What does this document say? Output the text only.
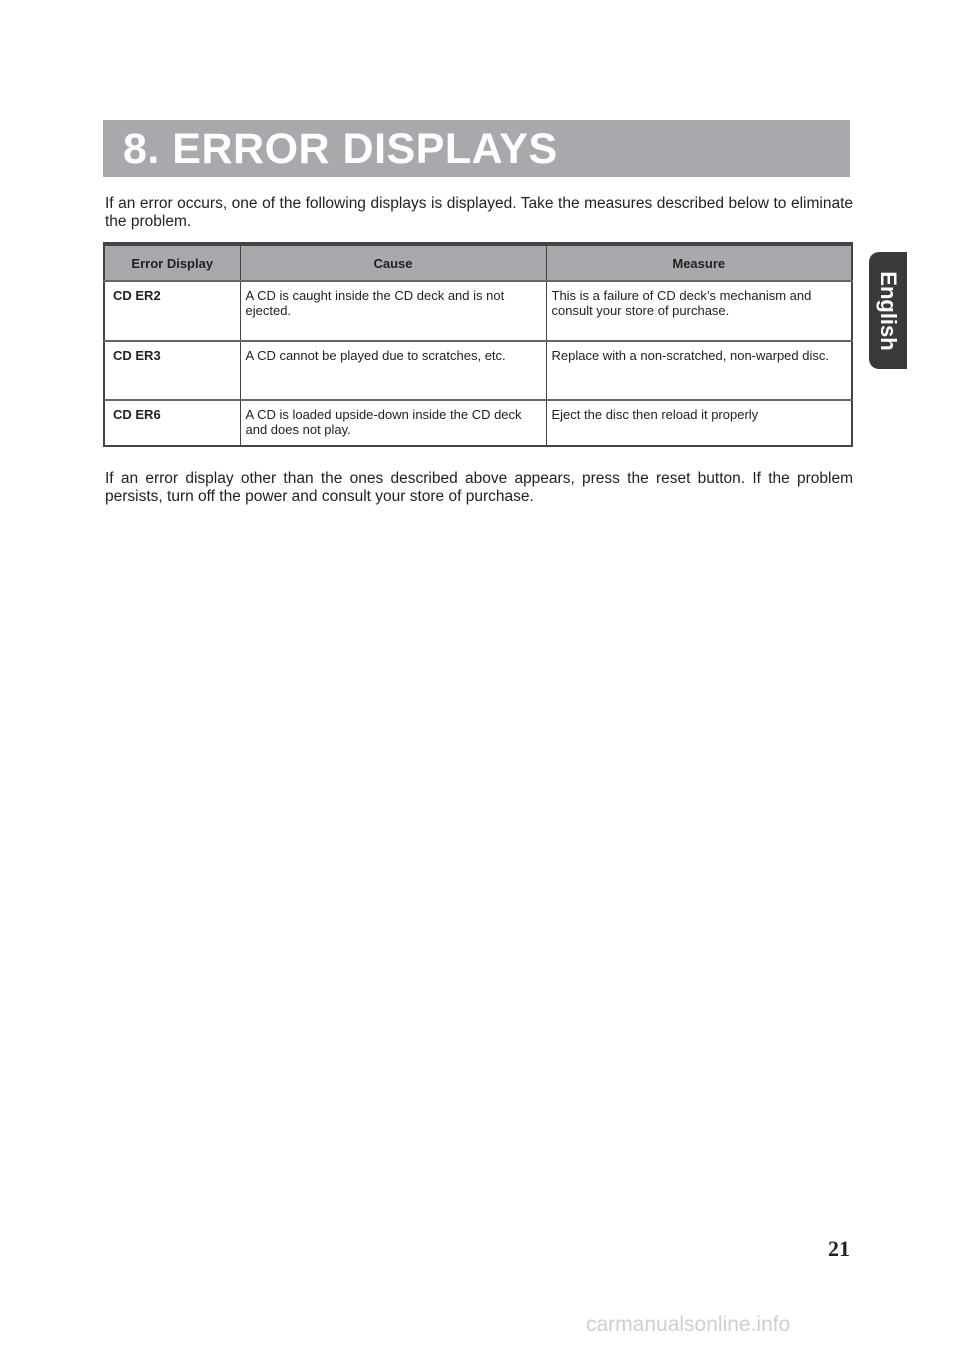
8. ERROR DISPLAYS
English

If an error occurs, one of the following displays is displayed. Take the measures described below to eliminate the problem.

Error Display	Cause	Measure
CD ER2	A CD is caught inside the CD deck and is not ejected.	This is a failure of CD deck’s mechanism and consult your store of purchase.
CD ER3	A CD cannot be played due to scratches, etc.	Replace with a non-scratched, non-warped disc.
CD ER6	A CD is loaded upside-down inside the CD deck and does not play.	Eject the disc then reload it properly

If an error display other than the ones described above appears, press the reset button. If the problem persists, turn off the power and consult your store of purchase.

21
carmanualsonline.info
